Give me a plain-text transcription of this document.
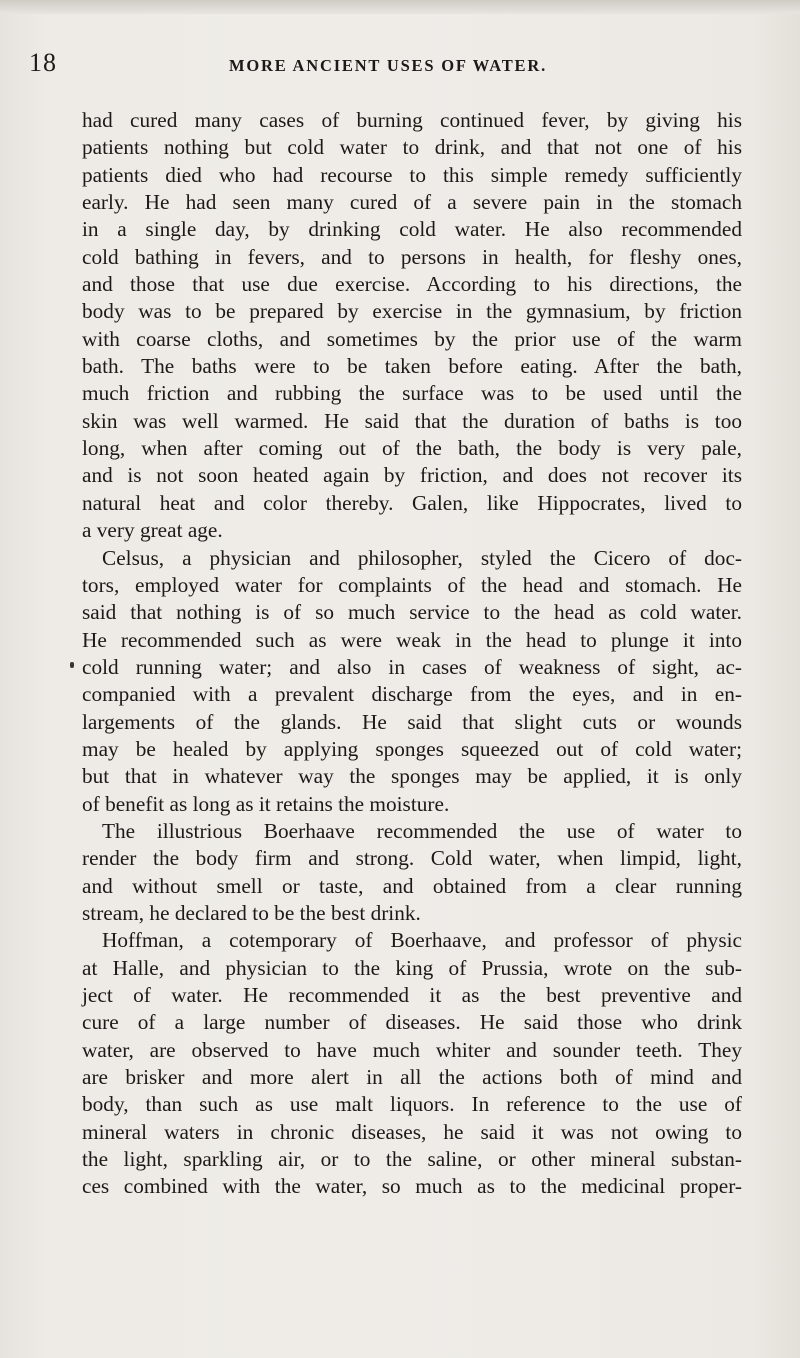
18	MORE ANCIENT USES OF WATER.
had cured many cases of burning continued fever, by giving his
patients nothing but cold water to drink, and that not one of his
patients died who had recourse to this simple remedy sufficiently
early. He had seen many cured of a severe pain in the stomach
in a single day, by drinking cold water. He also recommended
cold bathing in fevers, and to persons in health, for fleshy ones,
and those that use due exercise. According to his directions, the
body was to be prepared by exercise in the gymnasium, by friction
with coarse cloths, and sometimes by the prior use of the warm
bath. The baths were to be taken before eating. After the bath,
much friction and rubbing the surface was to be used until the
skin was well warmed. He said that the duration of baths is too
long, when after coming out of the bath, the body is very pale,
and is not soon heated again by friction, and does not recover its
natural heat and color thereby. Galen, like Hippocrates, lived to
a very great age.
Celsus, a physician and philosopher, styled the Cicero of doc-
tors, employed water for complaints of the head and stomach. He
said that nothing is of so much service to the head as cold water.
He recommended such as were weak in the head to plunge it into
cold running water; and also in cases of weakness of sight, ac-
companied with a prevalent discharge from the eyes, and in en-
largements of the glands. He said that slight cuts or wounds
may be healed by applying sponges squeezed out of cold water;
but that in whatever way the sponges may be applied, it is only
of benefit as long as it retains the moisture.
The illustrious Boerhaave recommended the use of water to
render the body firm and strong. Cold water, when limpid, light,
and without smell or taste, and obtained from a clear running
stream, he declared to be the best drink.
Hoffman, a cotemporary of Boerhaave, and professor of physic
at Halle, and physician to the king of Prussia, wrote on the sub-
ject of water. He recommended it as the best preventive and
cure of a large number of diseases. He said those who drink
water, are observed to have much whiter and sounder teeth. They
are brisker and more alert in all the actions both of mind and
body, than such as use malt liquors. In reference to the use of
mineral waters in chronic diseases, he said it was not owing to
the light, sparkling air, or to the saline, or other mineral substan-
ces combined with the water, so much as to the medicinal proper-
